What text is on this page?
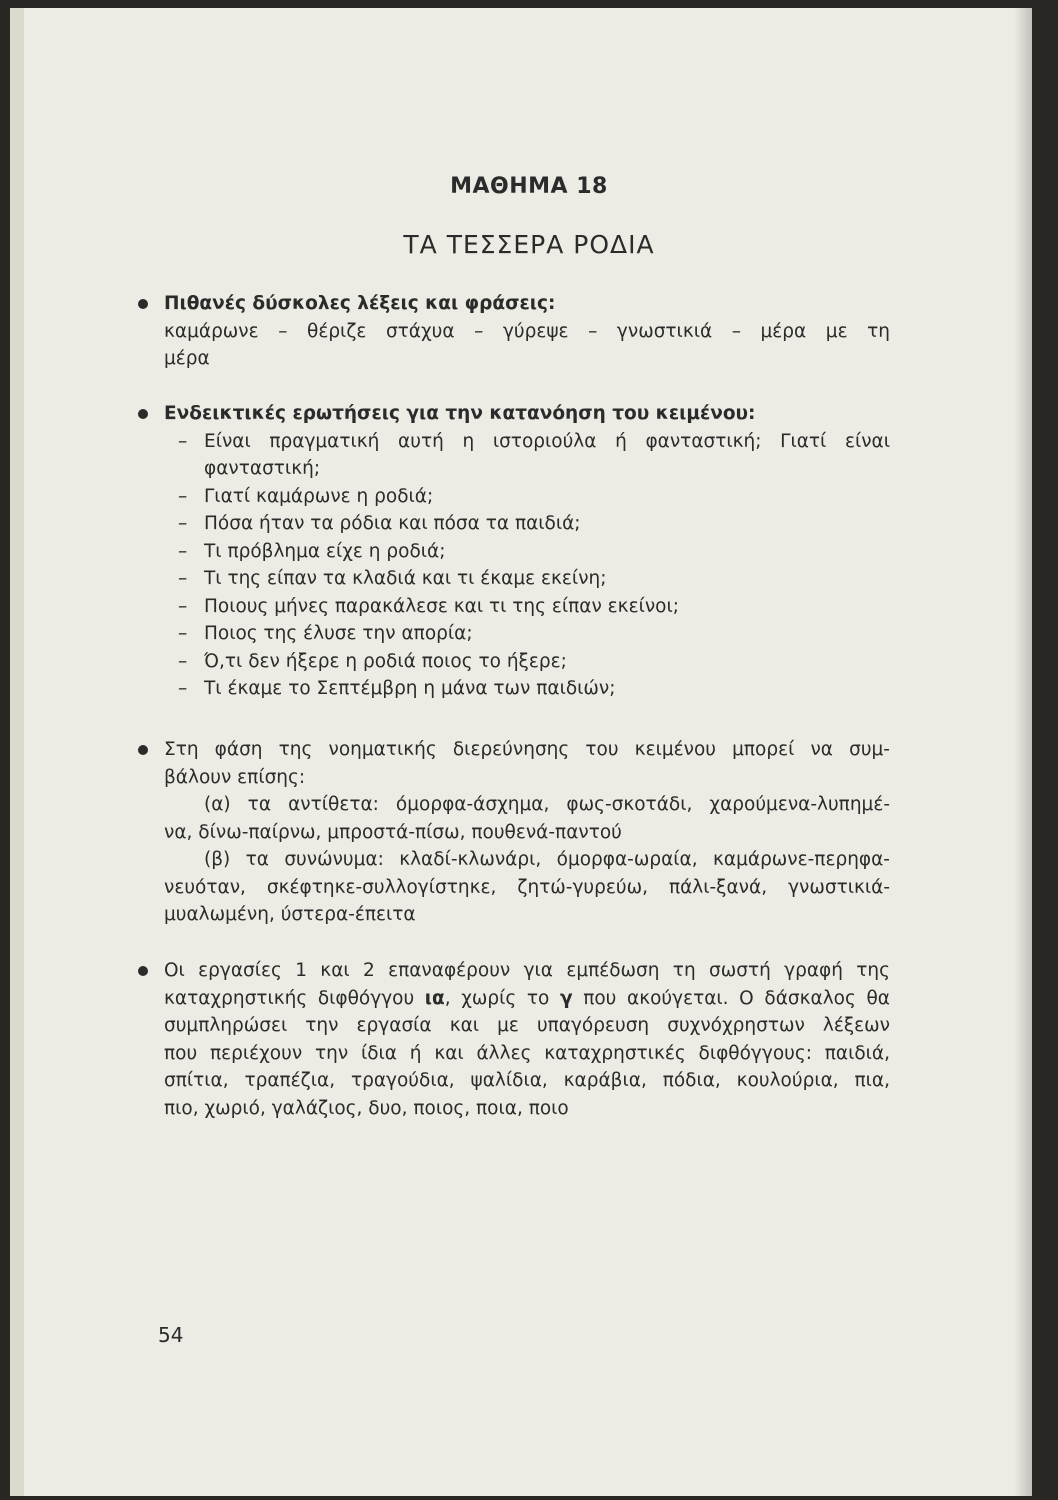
ΜΑΘΗΜΑ 18
ΤΑ ΤΕΣΣΕΡΑ ΡΟΔΙΑ
Πιθανές δύσκολες λέξεις και φράσεις:
καμάρωνε – θέριζε στάχυα – γύρεψε – γνωστικιά – μέρα με τη
μέρα
Ενδεικτικές ερωτήσεις για την κατανόηση του κειμένου:
– Είναι πραγματική αυτή η ιστοριούλα ή φανταστική; Γιατί είναι
φανταστική;
– Γιατί καμάρωνε η ροδιά;
– Πόσα ήταν τα ρόδια και πόσα τα παιδιά;
– Τι πρόβλημα είχε η ροδιά;
– Τι της είπαν τα κλαδιά και τι έκαμε εκείνη;
– Ποιους μήνες παρακάλεσε και τι της είπαν εκείνοι;
– Ποιος της έλυσε την απορία;
– Ό,τι δεν ήξερε η ροδιά ποιος το ήξερε;
– Τι έκαμε το Σεπτέμβρη η μάνα των παιδιών;
Στη φάση της νοηματικής διερεύνησης του κειμένου μπορεί να συμ-
βάλουν επίσης:
(α) τα αντίθετα: όμορφα-άσχημα, φως-σκοτάδι, χαρούμενα-λυπημέ-
να, δίνω-παίρνω, μπροστά-πίσω, πουθενά-παντού
(β) τα συνώνυμα: κλαδί-κλωνάρι, όμορφα-ωραία, καμάρωνε-περηφα-
νευόταν, σκέφτηκε-συλλογίστηκε, ζητώ-γυρεύω, πάλι-ξανά, γνωστικιά-
μυαλωμένη, ύστερα-έπειτα
Οι εργασίες 1 και 2 επαναφέρουν για εμπέδωση τη σωστή γραφή της
καταχρηστικής διφθόγγου ια, χωρίς το γ που ακούγεται. Ο δάσκαλος θα
συμπληρώσει την εργασία και με υπαγόρευση συχνόχρηστων λέξεων
που περιέχουν την ίδια ή και άλλες καταχρηστικές διφθόγγους: παιδιά,
σπίτια, τραπέζια, τραγούδια, ψαλίδια, καράβια, πόδια, κουλούρια, πια,
πιο, χωριό, γαλάζιος, δυο, ποιος, ποια, ποιο
54
